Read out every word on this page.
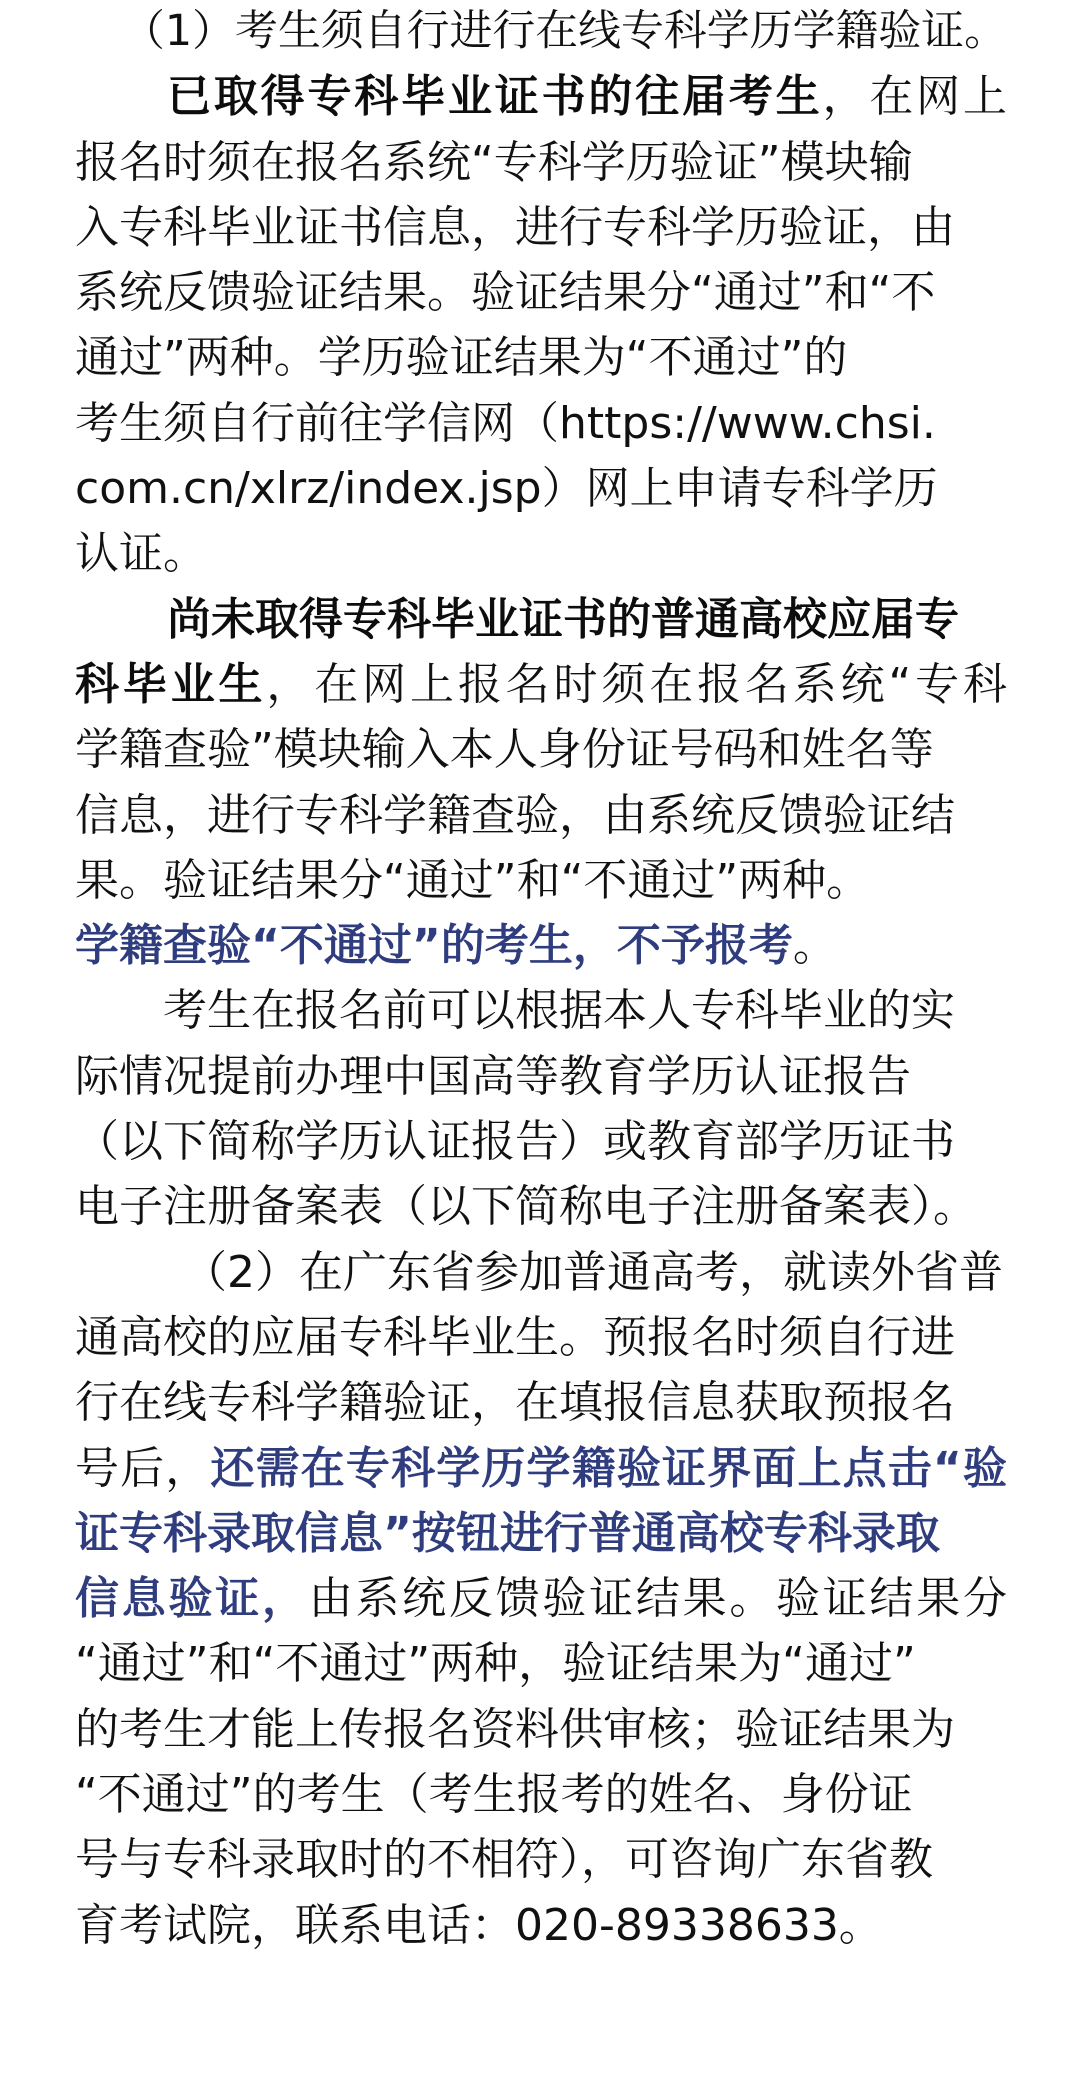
（1）考生须自行进行在线专科学历学籍验证。
已取得专科毕业证书的往届考生，在网上
报名时须在报名系统“专科学历验证”模块输
入专科毕业证书信息，进行专科学历验证，由
系统反馈验证结果。验证结果分“通过”和“不
通过”两种。学历验证结果为“不通过”的
考生须自行前往学信网（https://www.chsi.
com.cn/xlrz/index.jsp）网上申请专科学历
认证。
尚未取得专科毕业证书的普通高校应届专
科毕业生，在网上报名时须在报名系统“专科
学籍查验”模块输入本人身份证号码和姓名等
信息，进行专科学籍查验，由系统反馈验证结
果。验证结果分“通过”和“不通过”两种。
学籍查验“不通过”的考生，不予报考。
考生在报名前可以根据本人专科毕业的实
际情况提前办理中国高等教育学历认证报告
（以下简称学历认证报告）或教育部学历证书
电子注册备案表（以下简称电子注册备案表）。
（2）在广东省参加普通高考，就读外省普
通高校的应届专科毕业生。预报名时须自行进
行在线专科学籍验证，在填报信息获取预报名
号后，还需在专科学历学籍验证界面上点击“验
证专科录取信息”按钮进行普通高校专科录取
信息验证，由系统反馈验证结果。验证结果分
“通过”和“不通过”两种，验证结果为“通过”
的考生才能上传报名资料供审核；验证结果为
“不通过”的考生（考生报考的姓名、身份证
号与专科录取时的不相符），可咨询广东省教
育考试院，联系电话：020-89338633。
